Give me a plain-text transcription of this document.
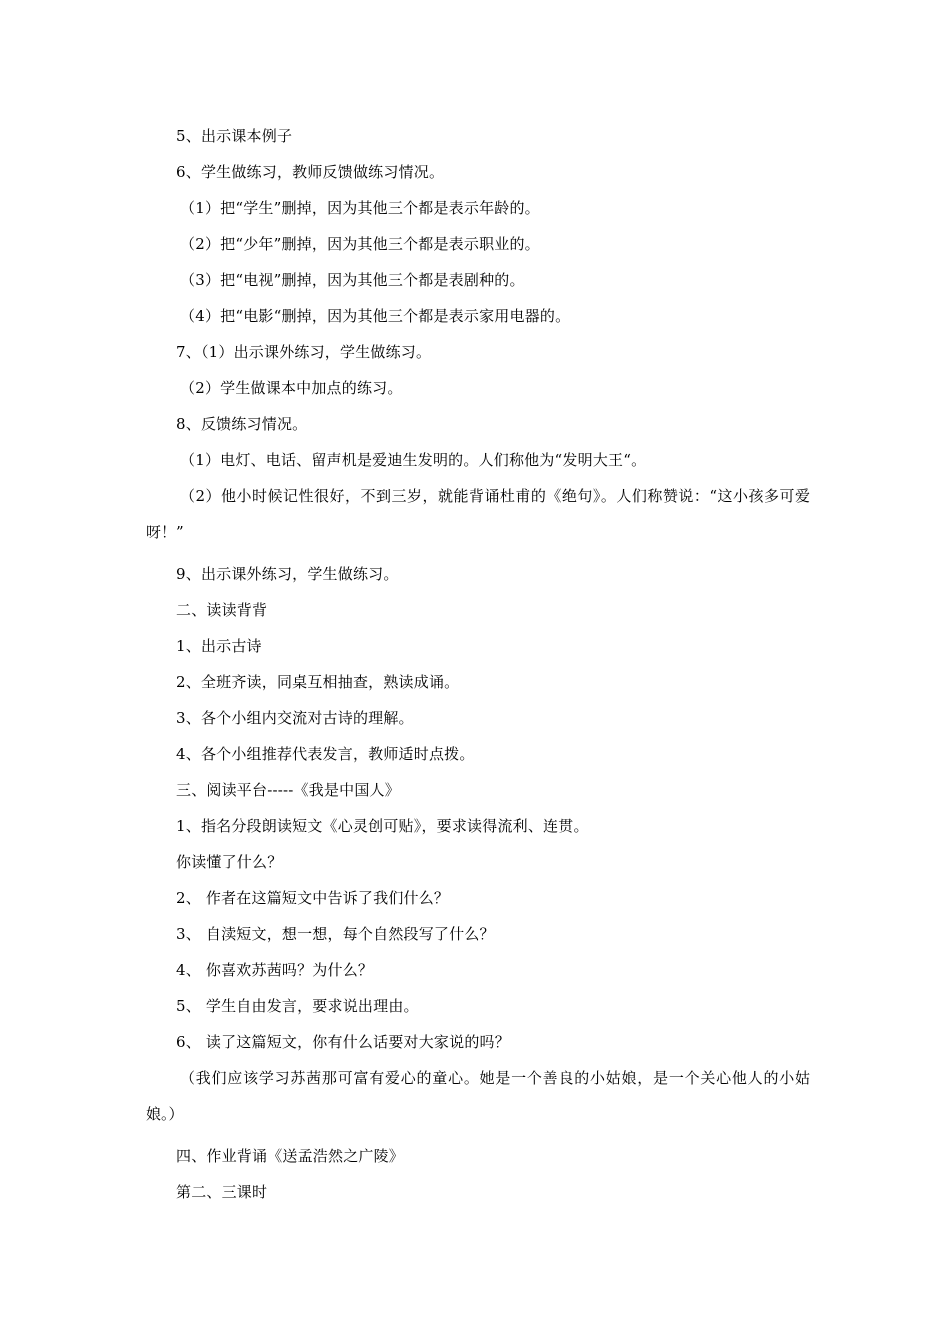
5、出示课本例子
6、学生做练习，教师反馈做练习情况。
（1）把“学生”删掉，因为其他三个都是表示年龄的。
（2）把“少年”删掉，因为其他三个都是表示职业的。
（3）把“电视”删掉，因为其他三个都是表剧种的。
（4）把“电影“删掉，因为其他三个都是表示家用电器的。
7、（1）出示课外练习，学生做练习。
（2）学生做课本中加点的练习。
8、反馈练习情况。
（1）电灯、电话、留声机是爱迪生发明的。人们称他为“发明大王“。
（2）他小时候记性很好，不到三岁，就能背诵杜甫的《绝句》。人们称赞说：“这小孩多可爱呀！”
9、出示课外练习，学生做练习。
二、读读背背
1、出示古诗
2、全班齐读，同桌互相抽查，熟读成诵。
3、各个小组内交流对古诗的理解。
4、各个小组推荐代表发言，教师适时点拨。
三、阅读平台-----《我是中国人》
1、指名分段朗读短文《心灵创可贴》，要求读得流利、连贯。
你读懂了什么？
2、 作者在这篇短文中告诉了我们什么？
3、 自渎短文，想一想，每个自然段写了什么？
4、 你喜欢苏茜吗？为什么？
5、 学生自由发言，要求说出理由。
6、 读了这篇短文，你有什么话要对大家说的吗？
（我们应该学习苏茜那可富有爱心的童心。她是一个善良的小姑娘，是一个关心他人的小姑娘。）
四、作业背诵《送孟浩然之广陵》
第二、三课时
